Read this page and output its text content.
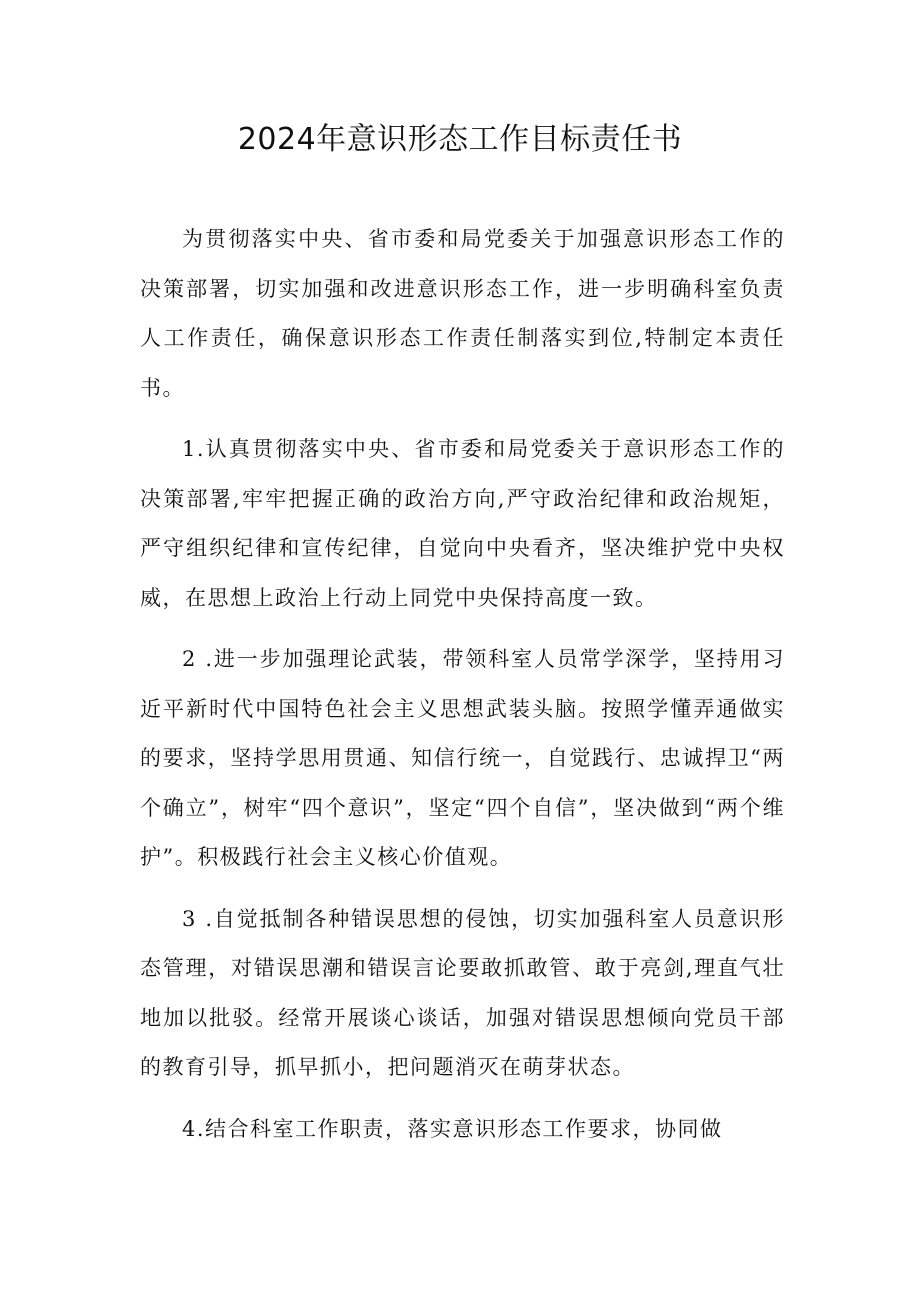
2024年意识形态工作目标责任书

为贯彻落实中央、省市委和局党委关于加强意识形态工作的决策部署，切实加强和改进意识形态工作，进一步明确科室负责人工作责任，确保意识形态工作责任制落实到位,特制定本责任书。

1.认真贯彻落实中央、省市委和局党委关于意识形态工作的决策部署,牢牢把握正确的政治方向,严守政治纪律和政治规矩，严守组织纪律和宣传纪律，自觉向中央看齐，坚决维护党中央权威，在思想上政治上行动上同党中央保持高度一致。

2 .进一步加强理论武装，带领科室人员常学深学，坚持用习近平新时代中国特色社会主义思想武装头脑。按照学懂弄通做实的要求，坚持学思用贯通、知信行统一，自觉践行、忠诚捍卫“两个确立”，树牢“四个意识”，坚定“四个自信”，坚决做到“两个维护”。积极践行社会主义核心价值观。

3 .自觉抵制各种错误思想的侵蚀，切实加强科室人员意识形态管理，对错误思潮和错误言论要敢抓敢管、敢于亮剑,理直气壮地加以批驳。经常开展谈心谈话，加强对错误思想倾向党员干部的教育引导，抓早抓小，把问题消灭在萌芽状态。

4.结合科室工作职责，落实意识形态工作要求，协同做
